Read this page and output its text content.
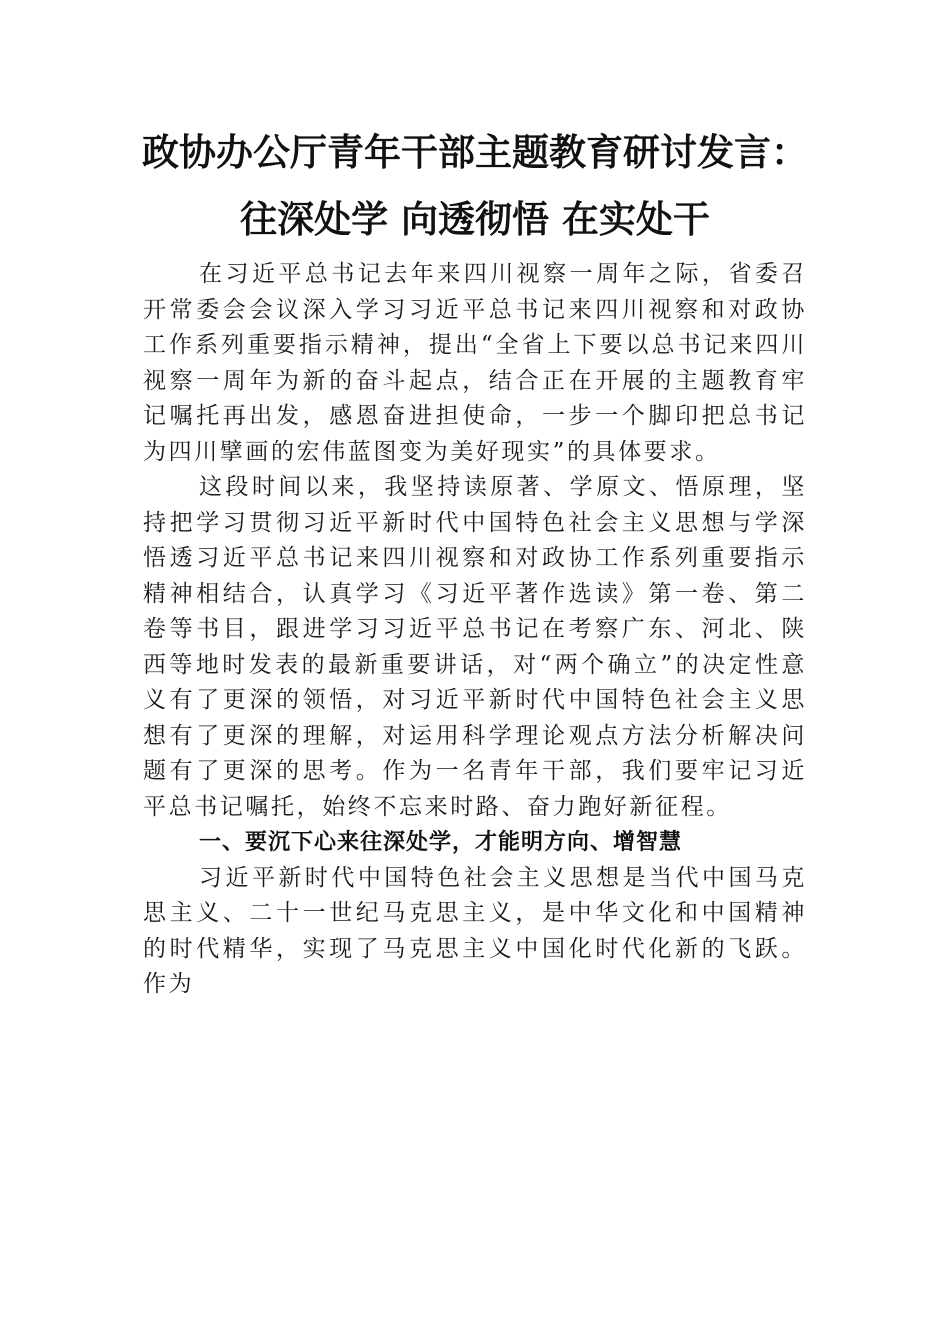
政协办公厅青年干部主题教育研讨发言：
往深处学 向透彻悟 在实处干

在习近平总书记去年来四川视察一周年之际，省委召开常委会会议深入学习习近平总书记来四川视察和对政协工作系列重要指示精神，提出“全省上下要以总书记来四川视察一周年为新的奋斗起点，结合正在开展的主题教育牢记嘱托再出发，感恩奋进担使命，一步一个脚印把总书记为四川擘画的宏伟蓝图变为美好现实”的具体要求。

这段时间以来，我坚持读原著、学原文、悟原理，坚持把学习贯彻习近平新时代中国特色社会主义思想与学深悟透习近平总书记来四川视察和对政协工作系列重要指示精神相结合，认真学习《习近平著作选读》第一卷、第二卷等书目，跟进学习习近平总书记在考察广东、河北、陕西等地时发表的最新重要讲话，对“两个确立”的决定性意义有了更深的领悟，对习近平新时代中国特色社会主义思想有了更深的理解，对运用科学理论观点方法分析解决问题有了更深的思考。作为一名青年干部，我们要牢记习近平总书记嘱托，始终不忘来时路、奋力跑好新征程。

一、要沉下心来往深处学，才能明方向、增智慧

习近平新时代中国特色社会主义思想是当代中国马克思主义、二十一世纪马克思主义，是中华文化和中国精神的时代精华，实现了马克思主义中国化时代化新的飞跃。作为
